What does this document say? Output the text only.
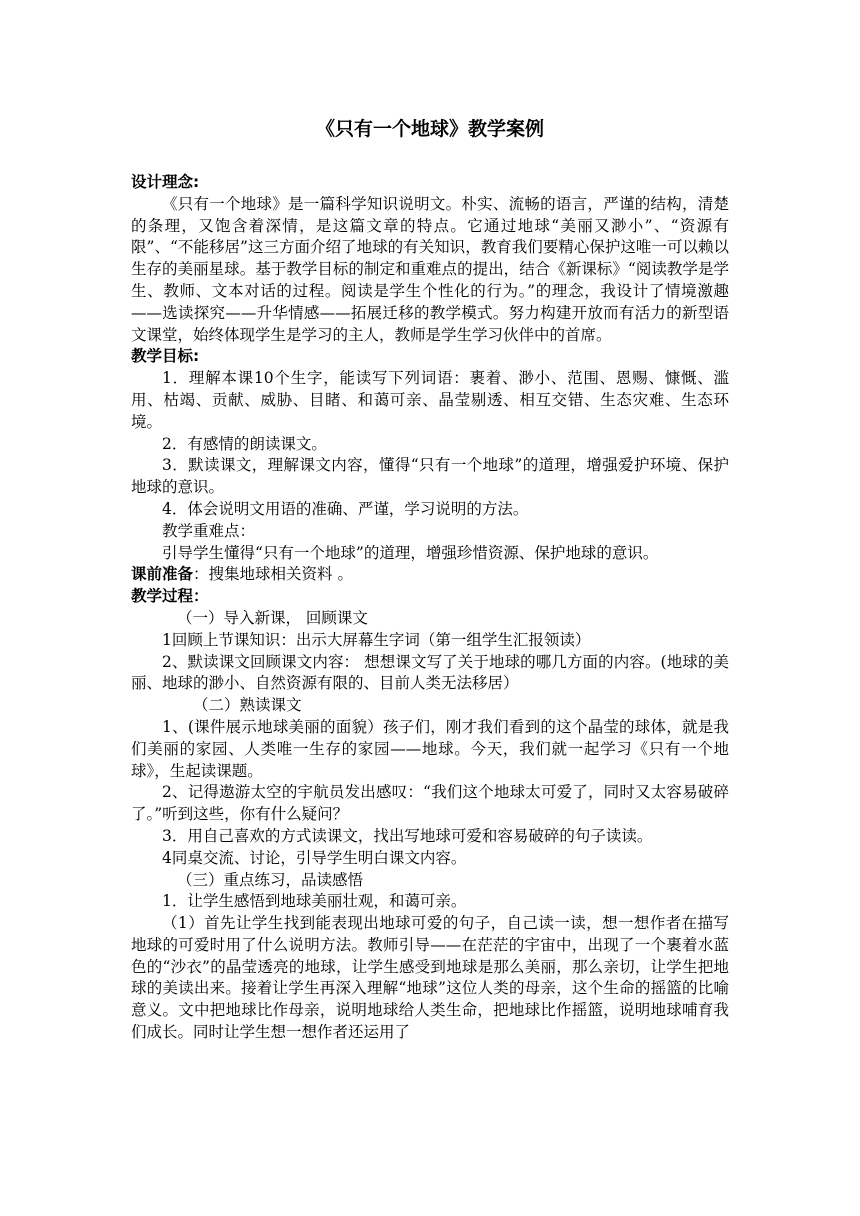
《只有一个地球》教学案例

设计理念:

《只有一个地球》是一篇科学知识说明文。朴实、流畅的语言，严谨的结构，清楚的条理，又饱含着深情，是这篇文章的特点。它通过地球“美丽又渺小”、“资源有限”、“不能移居”这三方面介绍了地球的有关知识，教育我们要精心保护这唯一可以赖以生存的美丽星球。基于教学目标的制定和重难点的提出，结合《新课标》“阅读教学是学生、教师、文本对话的过程。阅读是学生个性化的行为。”的理念，我设计了情境激趣——选读探究——升华情感——拓展迁移的教学模式。努力构建开放而有活力的新型语文课堂，始终体现学生是学习的主人，教师是学生学习伙伴中的首席。

教学目标:

1．理解本课10个生字，能读写下列词语：裹着、渺小、范围、恩赐、慷慨、滥用、枯竭、贡献、威胁、目睹、和蔼可亲、晶莹剔透、相互交错、生态灾难、生态环境。

2．有感情的朗读课文。

3．默读课文，理解课文内容，懂得“只有一个地球”的道理，增强爱护环境、保护地球的意识。

4．体会说明文用语的准确、严谨，学习说明的方法。

教学重难点：

引导学生懂得“只有一个地球”的道理，增强珍惜资源、保护地球的意识。

课前准备：搜集地球相关资料 。

教学过程：

（一）导入新课， 回顾课文

1回顾上节课知识：出示大屏幕生字词（第一组学生汇报领读）

2、默读课文回顾课文内容： 想想课文写了关于地球的哪几方面的内容。(地球的美丽、地球的渺小、自然资源有限的、目前人类无法移居）

（二）熟读课文

1、(课件展示地球美丽的面貌）孩子们，刚才我们看到的这个晶莹的球体，就是我们美丽的家园、人类唯一生存的家园——地球。今天，我们就一起学习《只有一个地球》，生起读课题。

2、记得遨游太空的宇航员发出感叹：“我们这个地球太可爱了，同时又太容易破碎了。”听到这些，你有什么疑问？

3．用自己喜欢的方式读课文，找出写地球可爱和容易破碎的句子读读。

4同桌交流、讨论，引导学生明白课文内容。

（三）重点练习，品读感悟

1．让学生感悟到地球美丽壮观，和蔼可亲。

（1）首先让学生找到能表现出地球可爱的句子，自己读一读，想一想作者在描写地球的可爱时用了什么说明方法。教师引导——在茫茫的宇宙中，出现了一个裹着水蓝色的“沙衣”的晶莹透亮的地球，让学生感受到地球是那么美丽，那么亲切，让学生把地球的美读出来。接着让学生再深入理解“地球”这位人类的母亲，这个生命的摇篮的比喻意义。文中把地球比作母亲，说明地球给人类生命，把地球比作摇篮，说明地球哺育我们成长。同时让学生想一想作者还运用了
